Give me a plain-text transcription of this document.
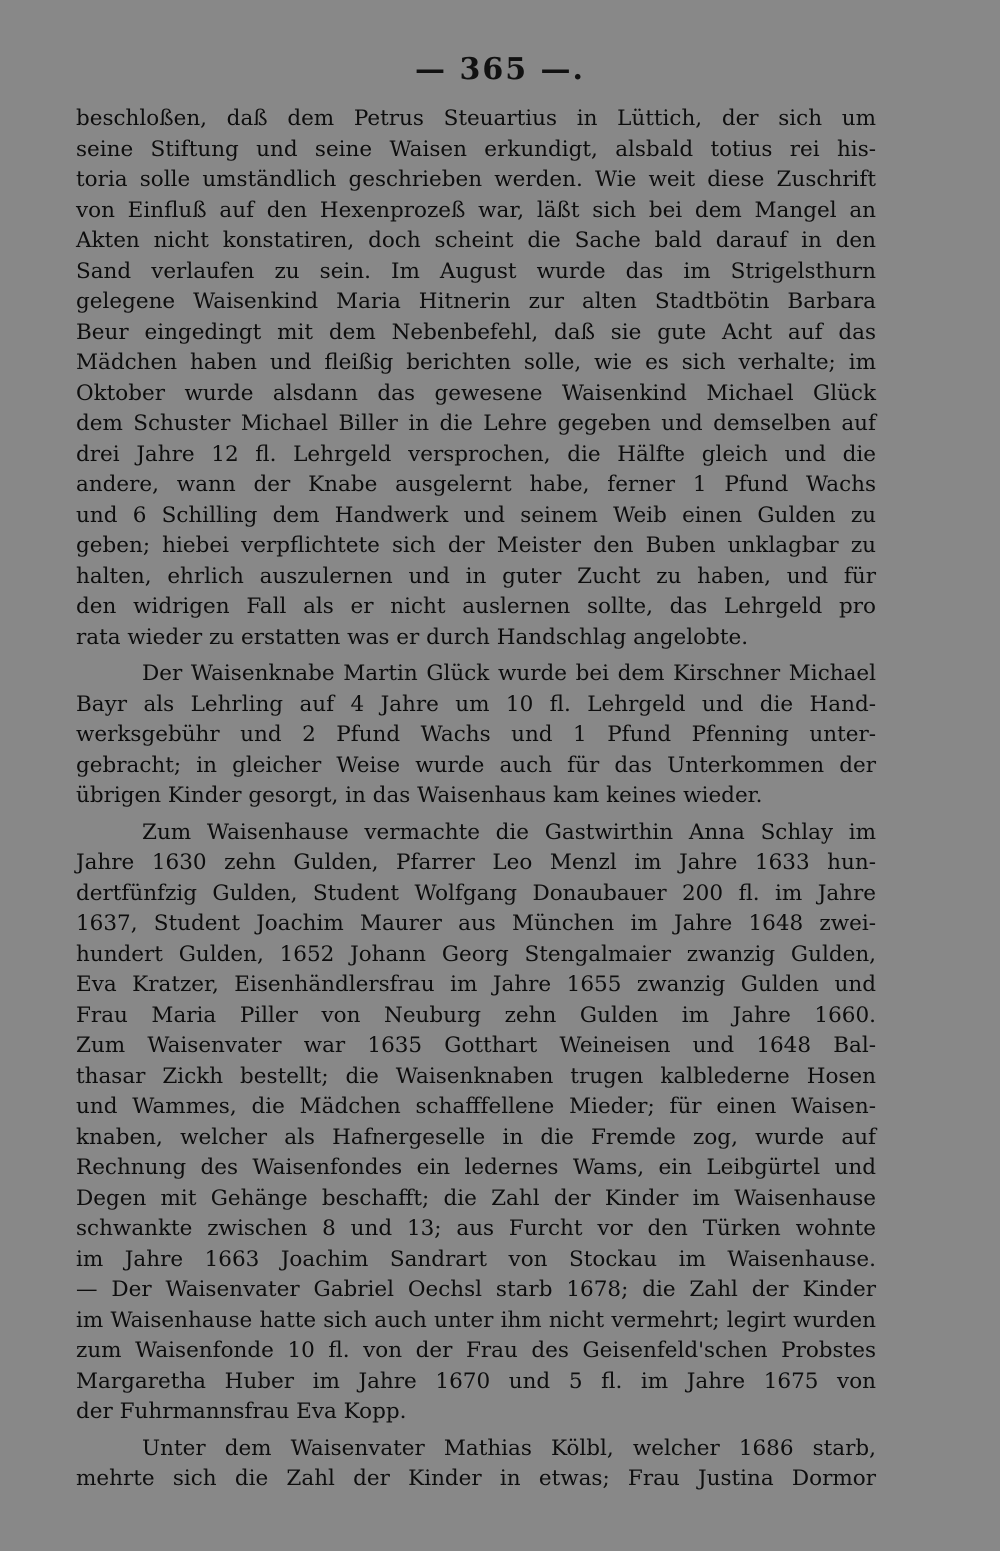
— 365 —.
beschloßen, daß dem Petrus Steuartius in Lüttich, der sich um
seine Stiftung und seine Waisen erkundigt, alsbald totius rei his-
toria solle umständlich geschrieben werden. Wie weit diese Zuschrift
von Einfluß auf den Hexenprozeß war, läßt sich bei dem Mangel an
Akten nicht konstatiren, doch scheint die Sache bald darauf in den
Sand verlaufen zu sein. Im August wurde das im Strigelsthurn
gelegene Waisenkind Maria Hitnerin zur alten Stadtbötin Barbara
Beur eingedingt mit dem Nebenbefehl, daß sie gute Acht auf das
Mädchen haben und fleißig berichten solle, wie es sich verhalte; im
Oktober wurde alsdann das gewesene Waisenkind Michael Glück
dem Schuster Michael Biller in die Lehre gegeben und demselben auf
drei Jahre 12 fl. Lehrgeld versprochen, die Hälfte gleich und die
andere, wann der Knabe ausgelernt habe, ferner 1 Pfund Wachs
und 6 Schilling dem Handwerk und seinem Weib einen Gulden zu
geben; hiebei verpflichtete sich der Meister den Buben unklagbar zu
halten, ehrlich auszulernen und in guter Zucht zu haben, und für
den widrigen Fall als er nicht auslernen sollte, das Lehrgeld pro
rata wieder zu erstatten was er durch Handschlag angelobte.
Der Waisenknabe Martin Glück wurde bei dem Kirschner Michael
Bayr als Lehrling auf 4 Jahre um 10 fl. Lehrgeld und die Hand-
werksgebühr und 2 Pfund Wachs und 1 Pfund Pfenning unter-
gebracht; in gleicher Weise wurde auch für das Unterkommen der
übrigen Kinder gesorgt, in das Waisenhaus kam keines wieder.
Zum Waisenhause vermachte die Gastwirthin Anna Schlay im
Jahre 1630 zehn Gulden, Pfarrer Leo Menzl im Jahre 1633 hun-
dertfünfzig Gulden, Student Wolfgang Donaubauer 200 fl. im Jahre
1637, Student Joachim Maurer aus München im Jahre 1648 zwei-
hundert Gulden, 1652 Johann Georg Stengalmaier zwanzig Gulden,
Eva Kratzer, Eisenhändlersfrau im Jahre 1655 zwanzig Gulden und
Frau Maria Piller von Neuburg zehn Gulden im Jahre 1660.
Zum Waisenvater war 1635 Gotthart Weineisen und 1648 Bal-
thasar Zickh bestellt; die Waisenknaben trugen kalblederne Hosen
und Wammes, die Mädchen schafffellene Mieder; für einen Waisen-
knaben, welcher als Hafnergeselle in die Fremde zog, wurde auf
Rechnung des Waisenfondes ein ledernes Wams, ein Leibgürtel und
Degen mit Gehänge beschafft; die Zahl der Kinder im Waisenhause
schwankte zwischen 8 und 13; aus Furcht vor den Türken wohnte
im Jahre 1663 Joachim Sandrart von Stockau im Waisenhause.
— Der Waisenvater Gabriel Oechsl starb 1678; die Zahl der Kinder
im Waisenhause hatte sich auch unter ihm nicht vermehrt; legirt wurden
zum Waisenfonde 10 fl. von der Frau des Geisenfeld'schen Probstes
Margaretha Huber im Jahre 1670 und 5 fl. im Jahre 1675 von
der Fuhrmannsfrau Eva Kopp.
Unter dem Waisenvater Mathias Kölbl, welcher 1686 starb,
mehrte sich die Zahl der Kinder in etwas; Frau Justina Dormor
